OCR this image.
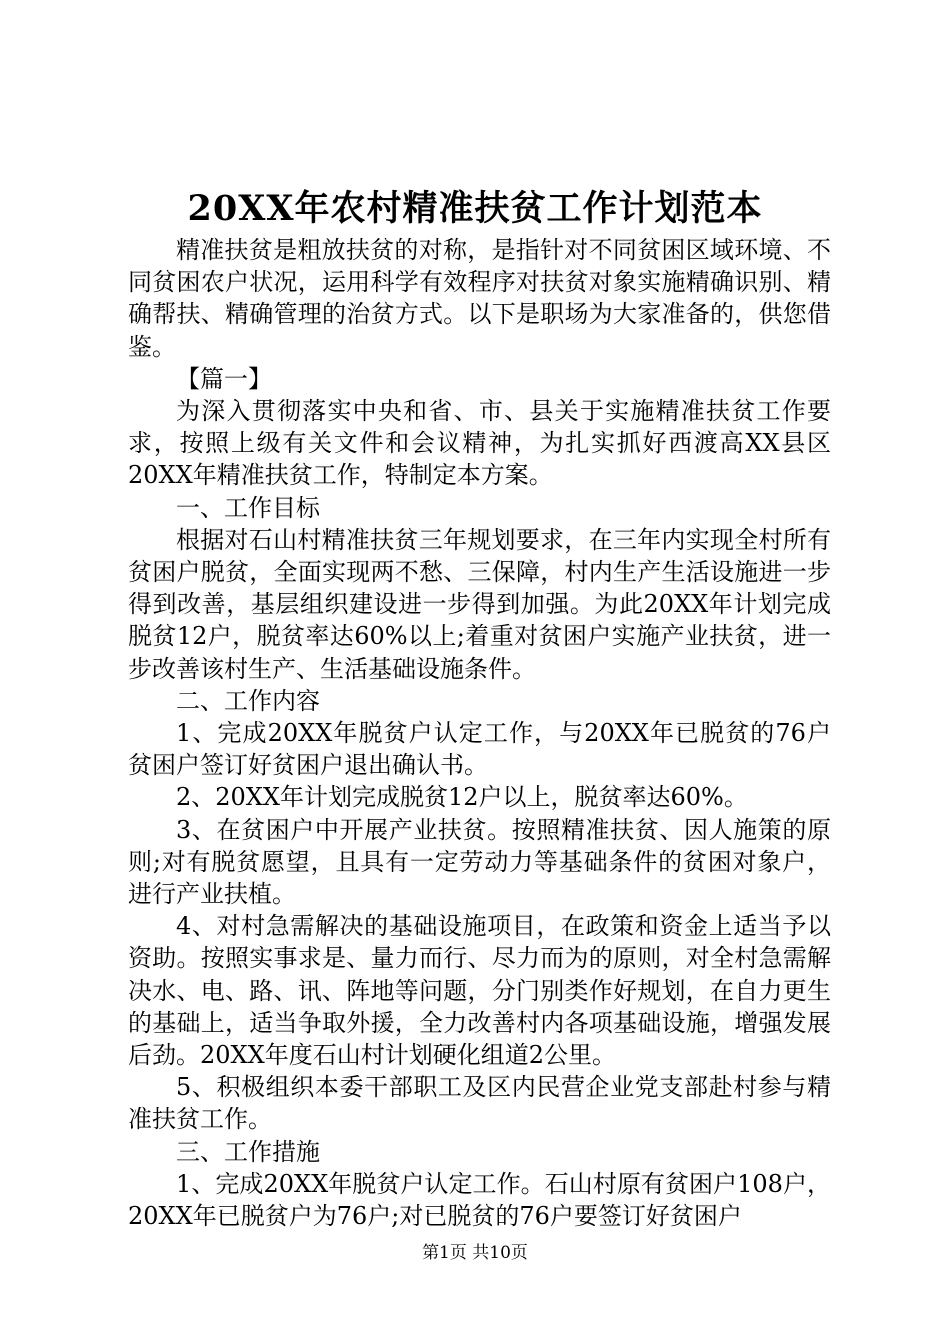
20XX年农村精准扶贫工作计划范本

精准扶贫是粗放扶贫的对称，是指针对不同贫困区域环境、不同贫困农户状况，运用科学有效程序对扶贫对象实施精确识别、精确帮扶、精确管理的治贫方式。以下是职场为大家准备的，供您借鉴。

【篇一】

为深入贯彻落实中央和省、市、县关于实施精准扶贫工作要求，按照上级有关文件和会议精神，为扎实抓好西渡高XX县区20XX年精准扶贫工作，特制定本方案。

一、工作目标

根据对石山村精准扶贫三年规划要求，在三年内实现全村所有贫困户脱贫，全面实现两不愁、三保障，村内生产生活设施进一步得到改善，基层组织建设进一步得到加强。为此20XX年计划完成脱贫12户，脱贫率达60%以上;着重对贫困户实施产业扶贫，进一步改善该村生产、生活基础设施条件。

二、工作内容

1、完成20XX年脱贫户认定工作，与20XX年已脱贫的76户贫困户签订好贫困户退出确认书。

2、20XX年计划完成脱贫12户以上，脱贫率达60%。

3、在贫困户中开展产业扶贫。按照精准扶贫、因人施策的原则;对有脱贫愿望，且具有一定劳动力等基础条件的贫困对象户，进行产业扶植。

4、对村急需解决的基础设施项目，在政策和资金上适当予以资助。按照实事求是、量力而行、尽力而为的原则，对全村急需解决水、电、路、讯、阵地等问题，分门别类作好规划，在自力更生的基础上，适当争取外援，全力改善村内各项基础设施，增强发展后劲。20XX年度石山村计划硬化组道2公里。

5、积极组织本委干部职工及区内民营企业党支部赴村参与精准扶贫工作。

三、工作措施

1、完成20XX年脱贫户认定工作。石山村原有贫困户108户，20XX年已脱贫户为76户;对已脱贫的76户要签订好贫困户

第1页 共10页
